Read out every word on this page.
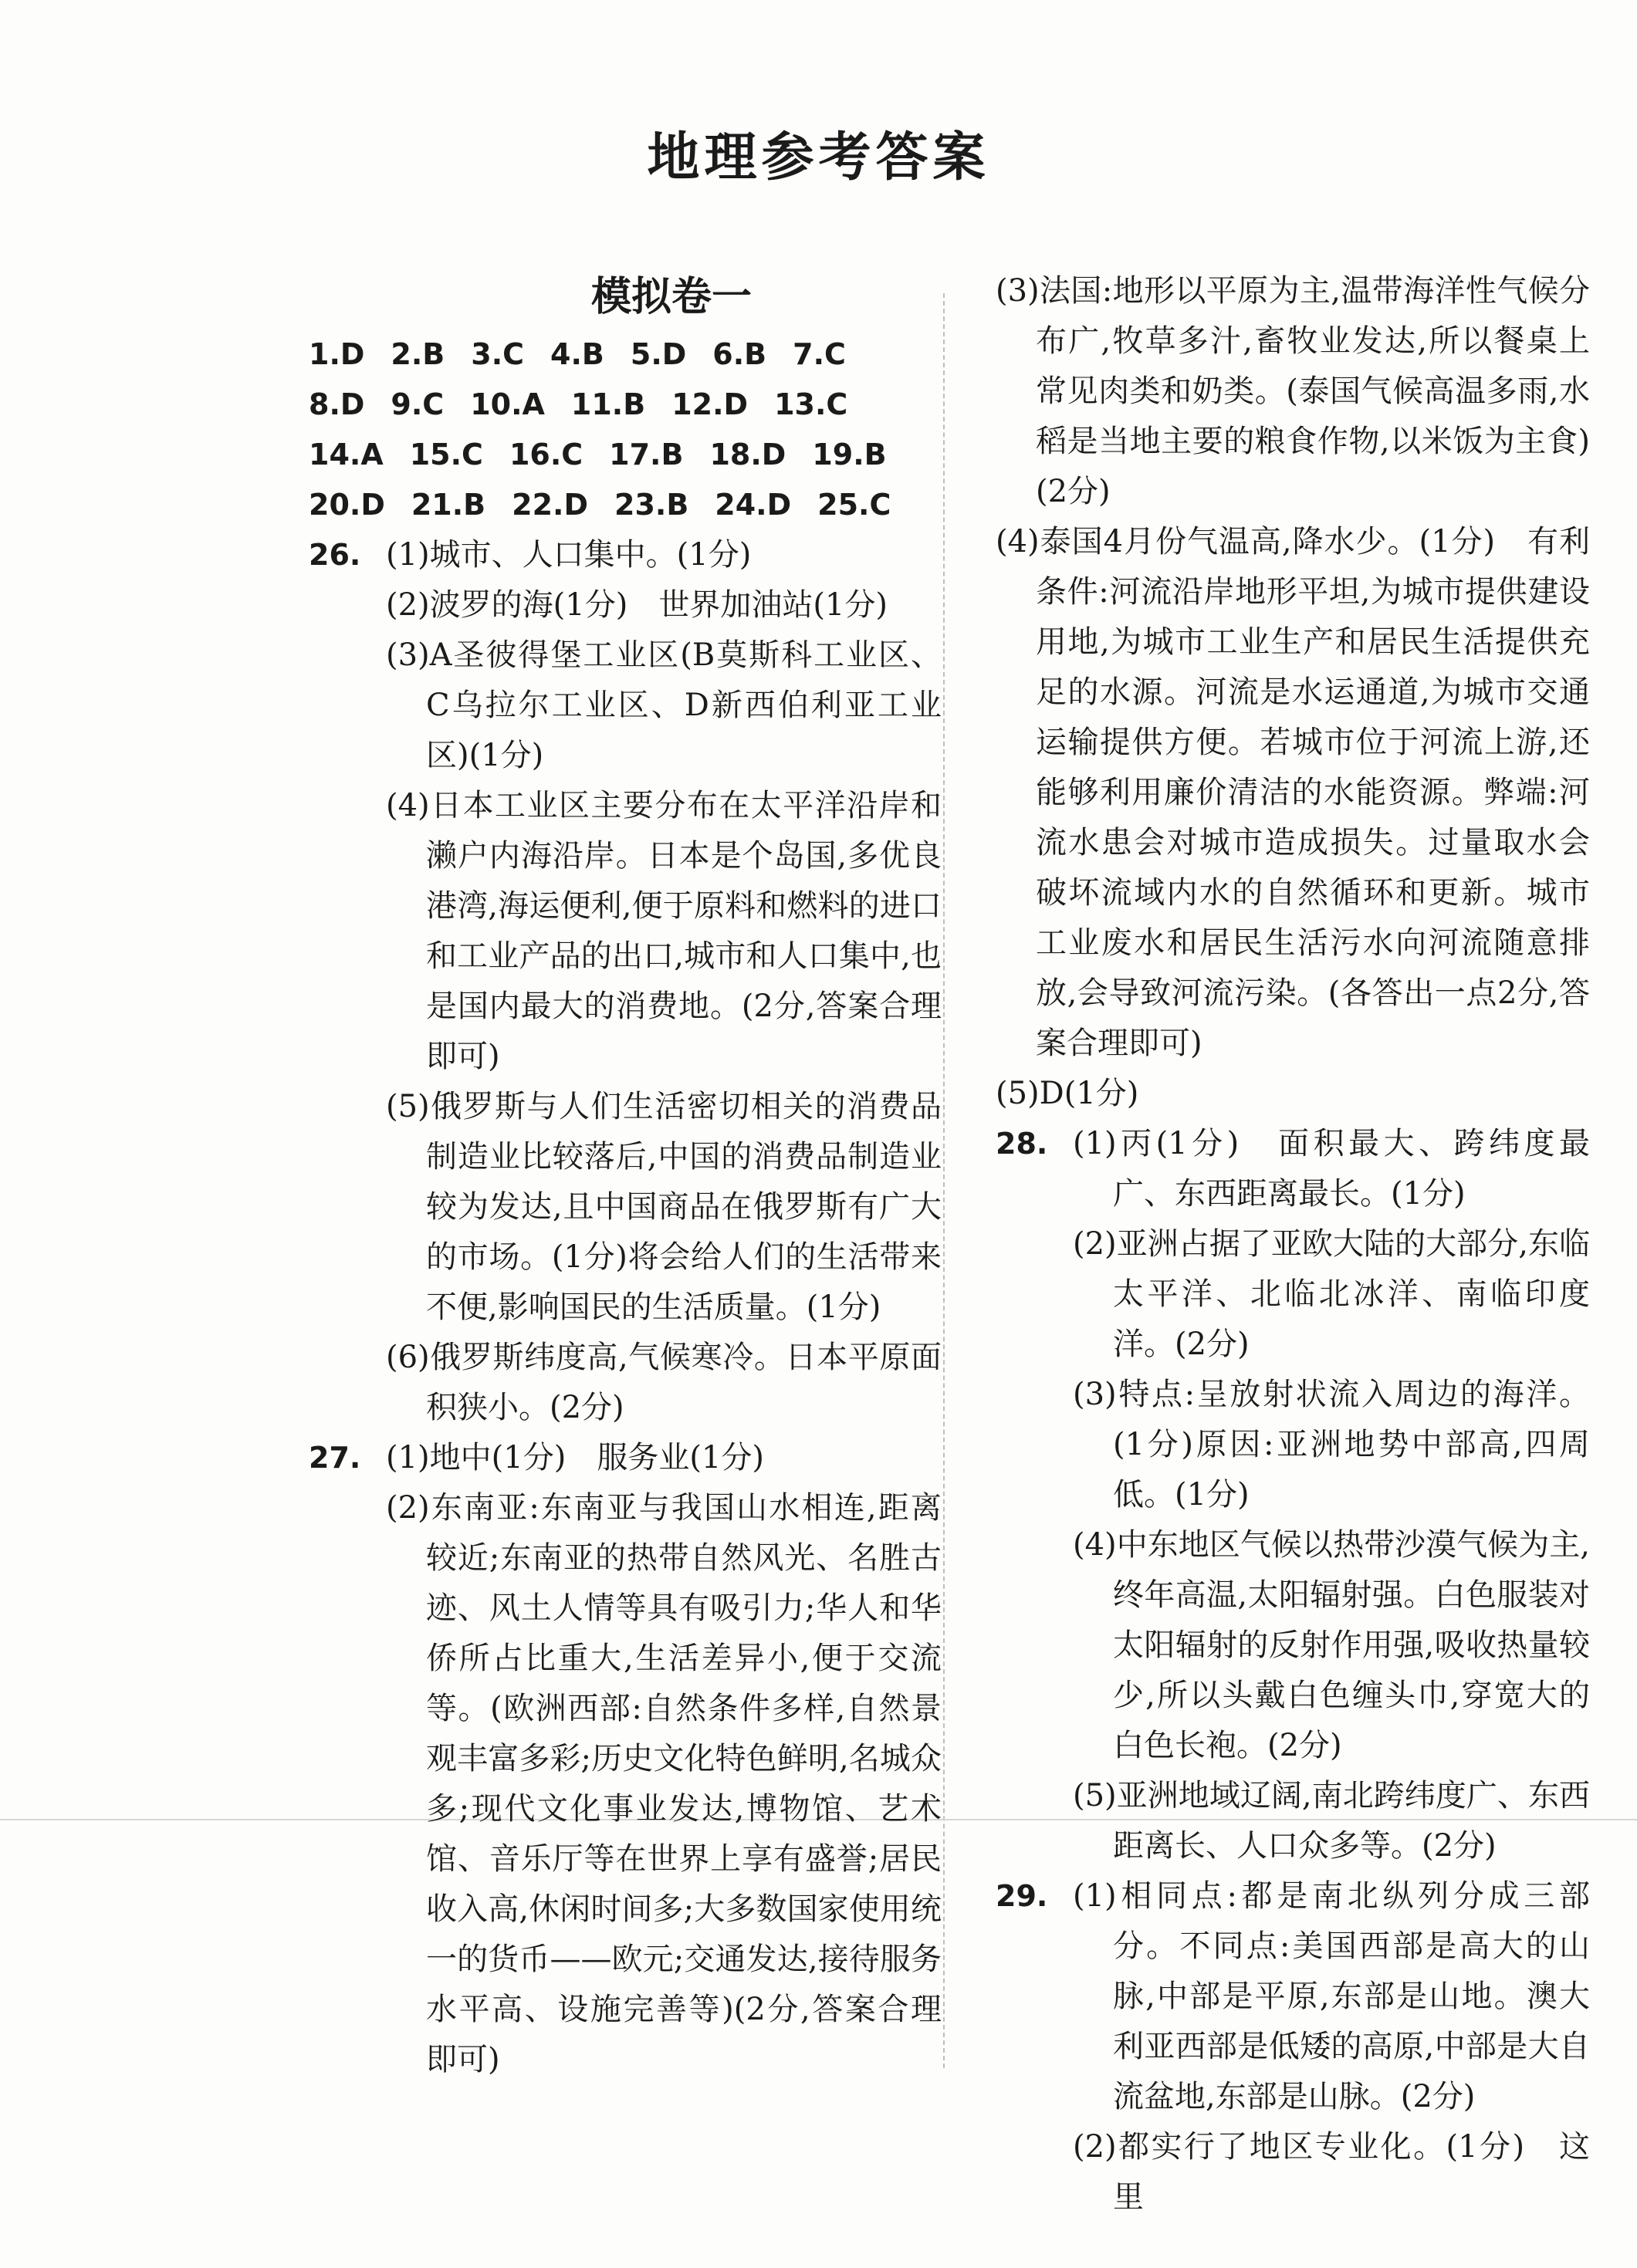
地理参考答案
模拟卷一
1.D 2.B 3.C 4.B 5.D 6.B 7.C
8.D 9.C 10.A 11.B 12.D 13.C
14.A 15.C 16.C 17.B 18.D 19.B
20.D 21.B 22.D 23.B 24.D 25.C
26. (1)城市、人口集中。(1分)
(2)波罗的海(1分)　世界加油站(1分)
(3)A圣彼得堡工业区(B莫斯科工业区、C乌拉尔工业区、D新西伯利亚工业区)(1分)
(4)日本工业区主要分布在太平洋沿岸和濑户内海沿岸。日本是个岛国,多优良港湾,海运便利,便于原料和燃料的进口和工业产品的出口,城市和人口集中,也是国内最大的消费地。(2分,答案合理即可)
(5)俄罗斯与人们生活密切相关的消费品制造业比较落后,中国的消费品制造业较为发达,且中国商品在俄罗斯有广大的市场。(1分)将会给人们的生活带来不便,影响国民的生活质量。(1分)
(6)俄罗斯纬度高,气候寒冷。日本平原面积狭小。(2分)
27. (1)地中(1分)　服务业(1分)
(2)东南亚:东南亚与我国山水相连,距离较近;东南亚的热带自然风光、名胜古迹、风土人情等具有吸引力;华人和华侨所占比重大,生活差异小,便于交流等。(欧洲西部:自然条件多样,自然景观丰富多彩;历史文化特色鲜明,名城众多;现代文化事业发达,博物馆、艺术馆、音乐厅等在世界上享有盛誉;居民收入高,休闲时间多;大多数国家使用统一的货币——欧元;交通发达,接待服务水平高、设施完善等)(2分,答案合理即可)
(3)法国:地形以平原为主,温带海洋性气候分布广,牧草多汁,畜牧业发达,所以餐桌上常见肉类和奶类。(泰国气候高温多雨,水稻是当地主要的粮食作物,以米饭为主食)(2分)
(4)泰国4月份气温高,降水少。(1分)　有利条件:河流沿岸地形平坦,为城市提供建设用地,为城市工业生产和居民生活提供充足的水源。河流是水运通道,为城市交通运输提供方便。若城市位于河流上游,还能够利用廉价清洁的水能资源。弊端:河流水患会对城市造成损失。过量取水会破坏流域内水的自然循环和更新。城市工业废水和居民生活污水向河流随意排放,会导致河流污染。(各答出一点2分,答案合理即可)
(5)D(1分)
28. (1)丙(1分)　面积最大、跨纬度最广、东西距离最长。(1分)
(2)亚洲占据了亚欧大陆的大部分,东临太平洋、北临北冰洋、南临印度洋。(2分)
(3)特点:呈放射状流入周边的海洋。(1分)原因:亚洲地势中部高,四周低。(1分)
(4)中东地区气候以热带沙漠气候为主,终年高温,太阳辐射强。白色服装对太阳辐射的反射作用强,吸收热量较少,所以头戴白色缠头巾,穿宽大的白色长袍。(2分)
(5)亚洲地域辽阔,南北跨纬度广、东西距离长、人口众多等。(2分)
29. (1)相同点:都是南北纵列分成三部分。不同点:美国西部是高大的山脉,中部是平原,东部是山地。澳大利亚西部是低矮的高原,中部是大自流盆地,东部是山脉。(2分)
(2)都实行了地区专业化。(1分)　这里
